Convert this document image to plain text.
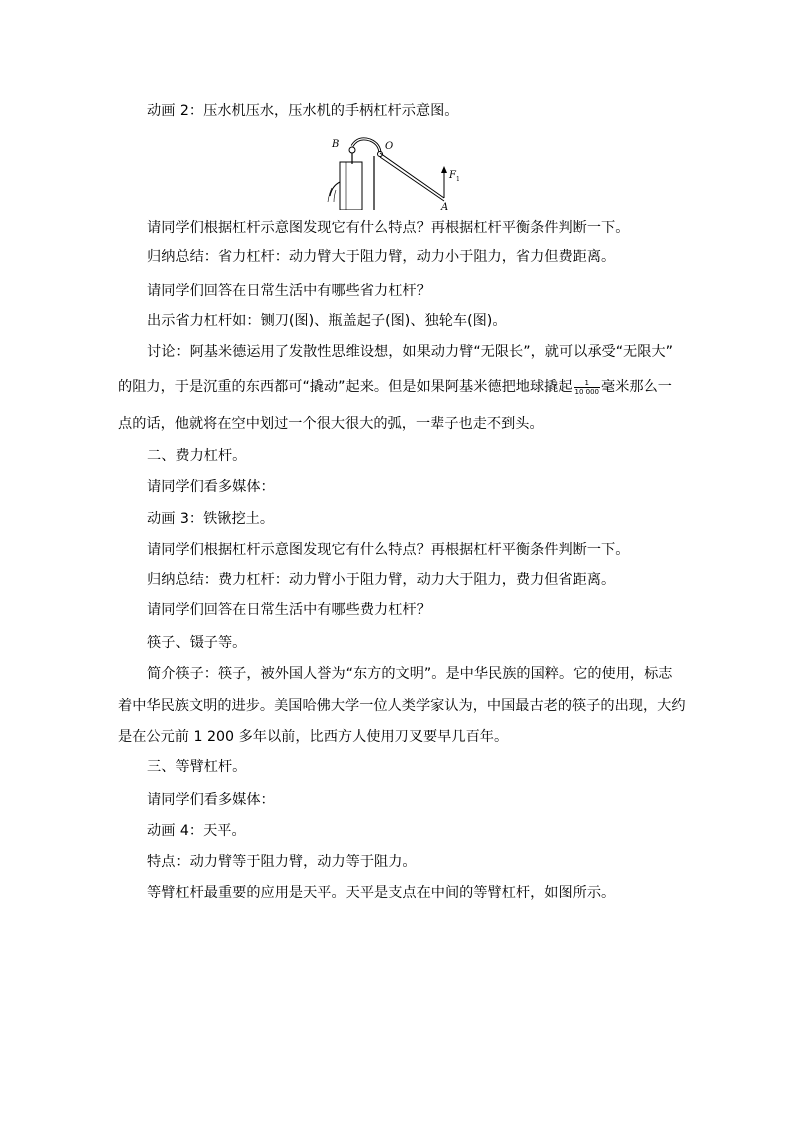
动画 2：压水机压水，压水机的手柄杠杆示意图。
B	O
F 1
A
请同学们根据杠杆示意图发现它有什么特点？再根据杠杆平衡条件判断一下。
归纳总结：省力杠杆：动力臂大于阻力臂，动力小于阻力，省力但费距离。
请同学们回答在日常生活中有哪些省力杠杆？
出示省力杠杆如：铡刀(图)、瓶盖起子(图)、独轮车(图)。
讨论：阿基米德运用了发散性思维设想，如果动力臂“无限长”，就可以承受“无限大”
的阻力，于是沉重的东西都可“撬动”起来。但是如果阿基米德把地球撬起 $\frac{1}{10 000}$ 毫米那么一
点的话，他就将在空中划过一个很大很大的弧，一辈子也走不到头。
二、费力杠杆。
请同学们看多媒体：
动画 3：铁锹挖土。
请同学们根据杠杆示意图发现它有什么特点？再根据杠杆平衡条件判断一下。
归纳总结：费力杠杆：动力臂小于阻力臂，动力大于阻力，费力但省距离。
请同学们回答在日常生活中有哪些费力杠杆？
筷子、镊子等。
简介筷子：筷子，被外国人誉为“东方的文明”。是中华民族的国粹。它的使用，标志
着中华民族文明的进步。美国哈佛大学一位人类学家认为，中国最古老的筷子的出现，大约
是在公元前 1 200 多年以前，比西方人使用刀叉要早几百年。
三、等臂杠杆。
请同学们看多媒体：
动画 4：天平。
特点：动力臂等于阻力臂，动力等于阻力。
等臂杠杆最重要的应用是天平。天平是支点在中间的等臂杠杆，如图所示。
